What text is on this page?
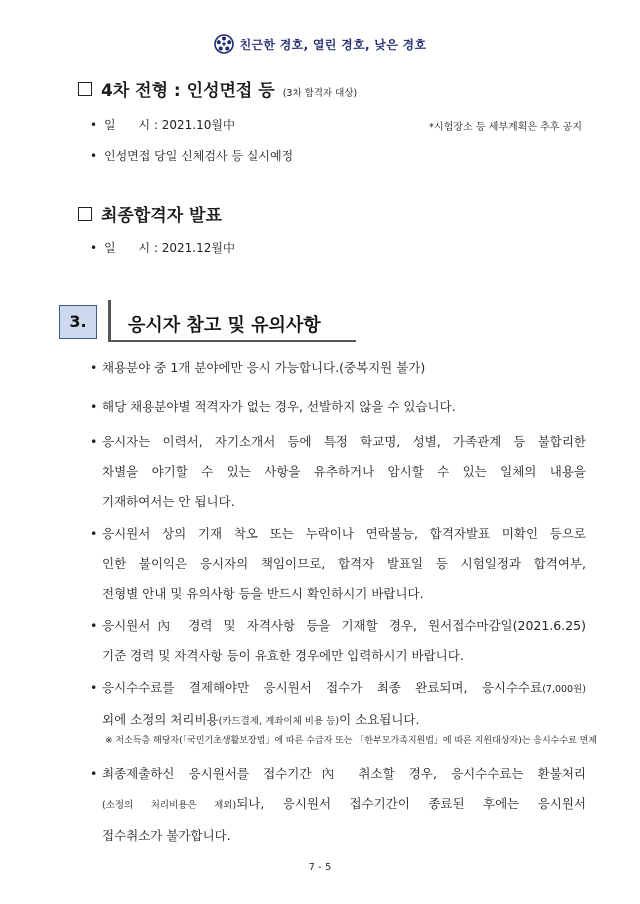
친근한 경호, 열린 경호, 낮은 경호
4차 전형 : 인성면접 등 (3차 합격자 대상)
• 일      시 : 2021.10월中	*시험장소 등 세부계획은 추후 공지
• 인성면접 당일 신체검사 등 실시예정
최종합격자 발표
• 일      시 : 2021.12월中
3.	응시자 참고 및 유의사항
• 채용분야 중 1개 분야에만 응시 가능합니다.(중복지원 불가)
• 해당 채용분야별 적격자가 없는 경우, 선발하지 않을 수 있습니다.
• 응시자는 이력서, 자기소개서 등에 특정 학교명, 성별, 가족관계 등 불합리한
차별을 야기할 수 있는 사항을 유추하거나 암시할 수 있는 일체의 내용을
기재하여서는 안 됩니다.
• 응시원서 상의 기재 착오 또는 누락이나 연락불능, 합격자발표 미확인 등으로
인한 불이익은 응시자의 책임이므로, 합격자 발표일 등 시험일정과 합격여부,
전형별 안내 및 유의사항 등을 반드시 확인하시기 바랍니다.
• 응시원서內 경력 및 자격사항 등을 기재할 경우, 원서접수마감일(2021.6.25)
기준 경력 및 자격사항 등이 유효한 경우에만 입력하시기 바랍니다.
• 응시수수료를 결제해야만 응시원서 접수가 최종 완료되며, 응시수수료(7,000원)
외에 소정의 처리비용(카드결제, 계좌이체 비용 등)이 소요됩니다.
※ 저소득층 해당자(「국민기초생활보장법」에 따른 수급자 또는 「한부모가족지원법」에 따른 지원대상자)는 응시수수료 면제
• 최종제출하신 응시원서를 접수기간內 취소할 경우, 응시수수료는 환불처리
(소정의 처리비용은 제외)되나, 응시원서 접수기간이 종료된 후에는 응시원서
접수취소가 불가합니다.
7 - 5
